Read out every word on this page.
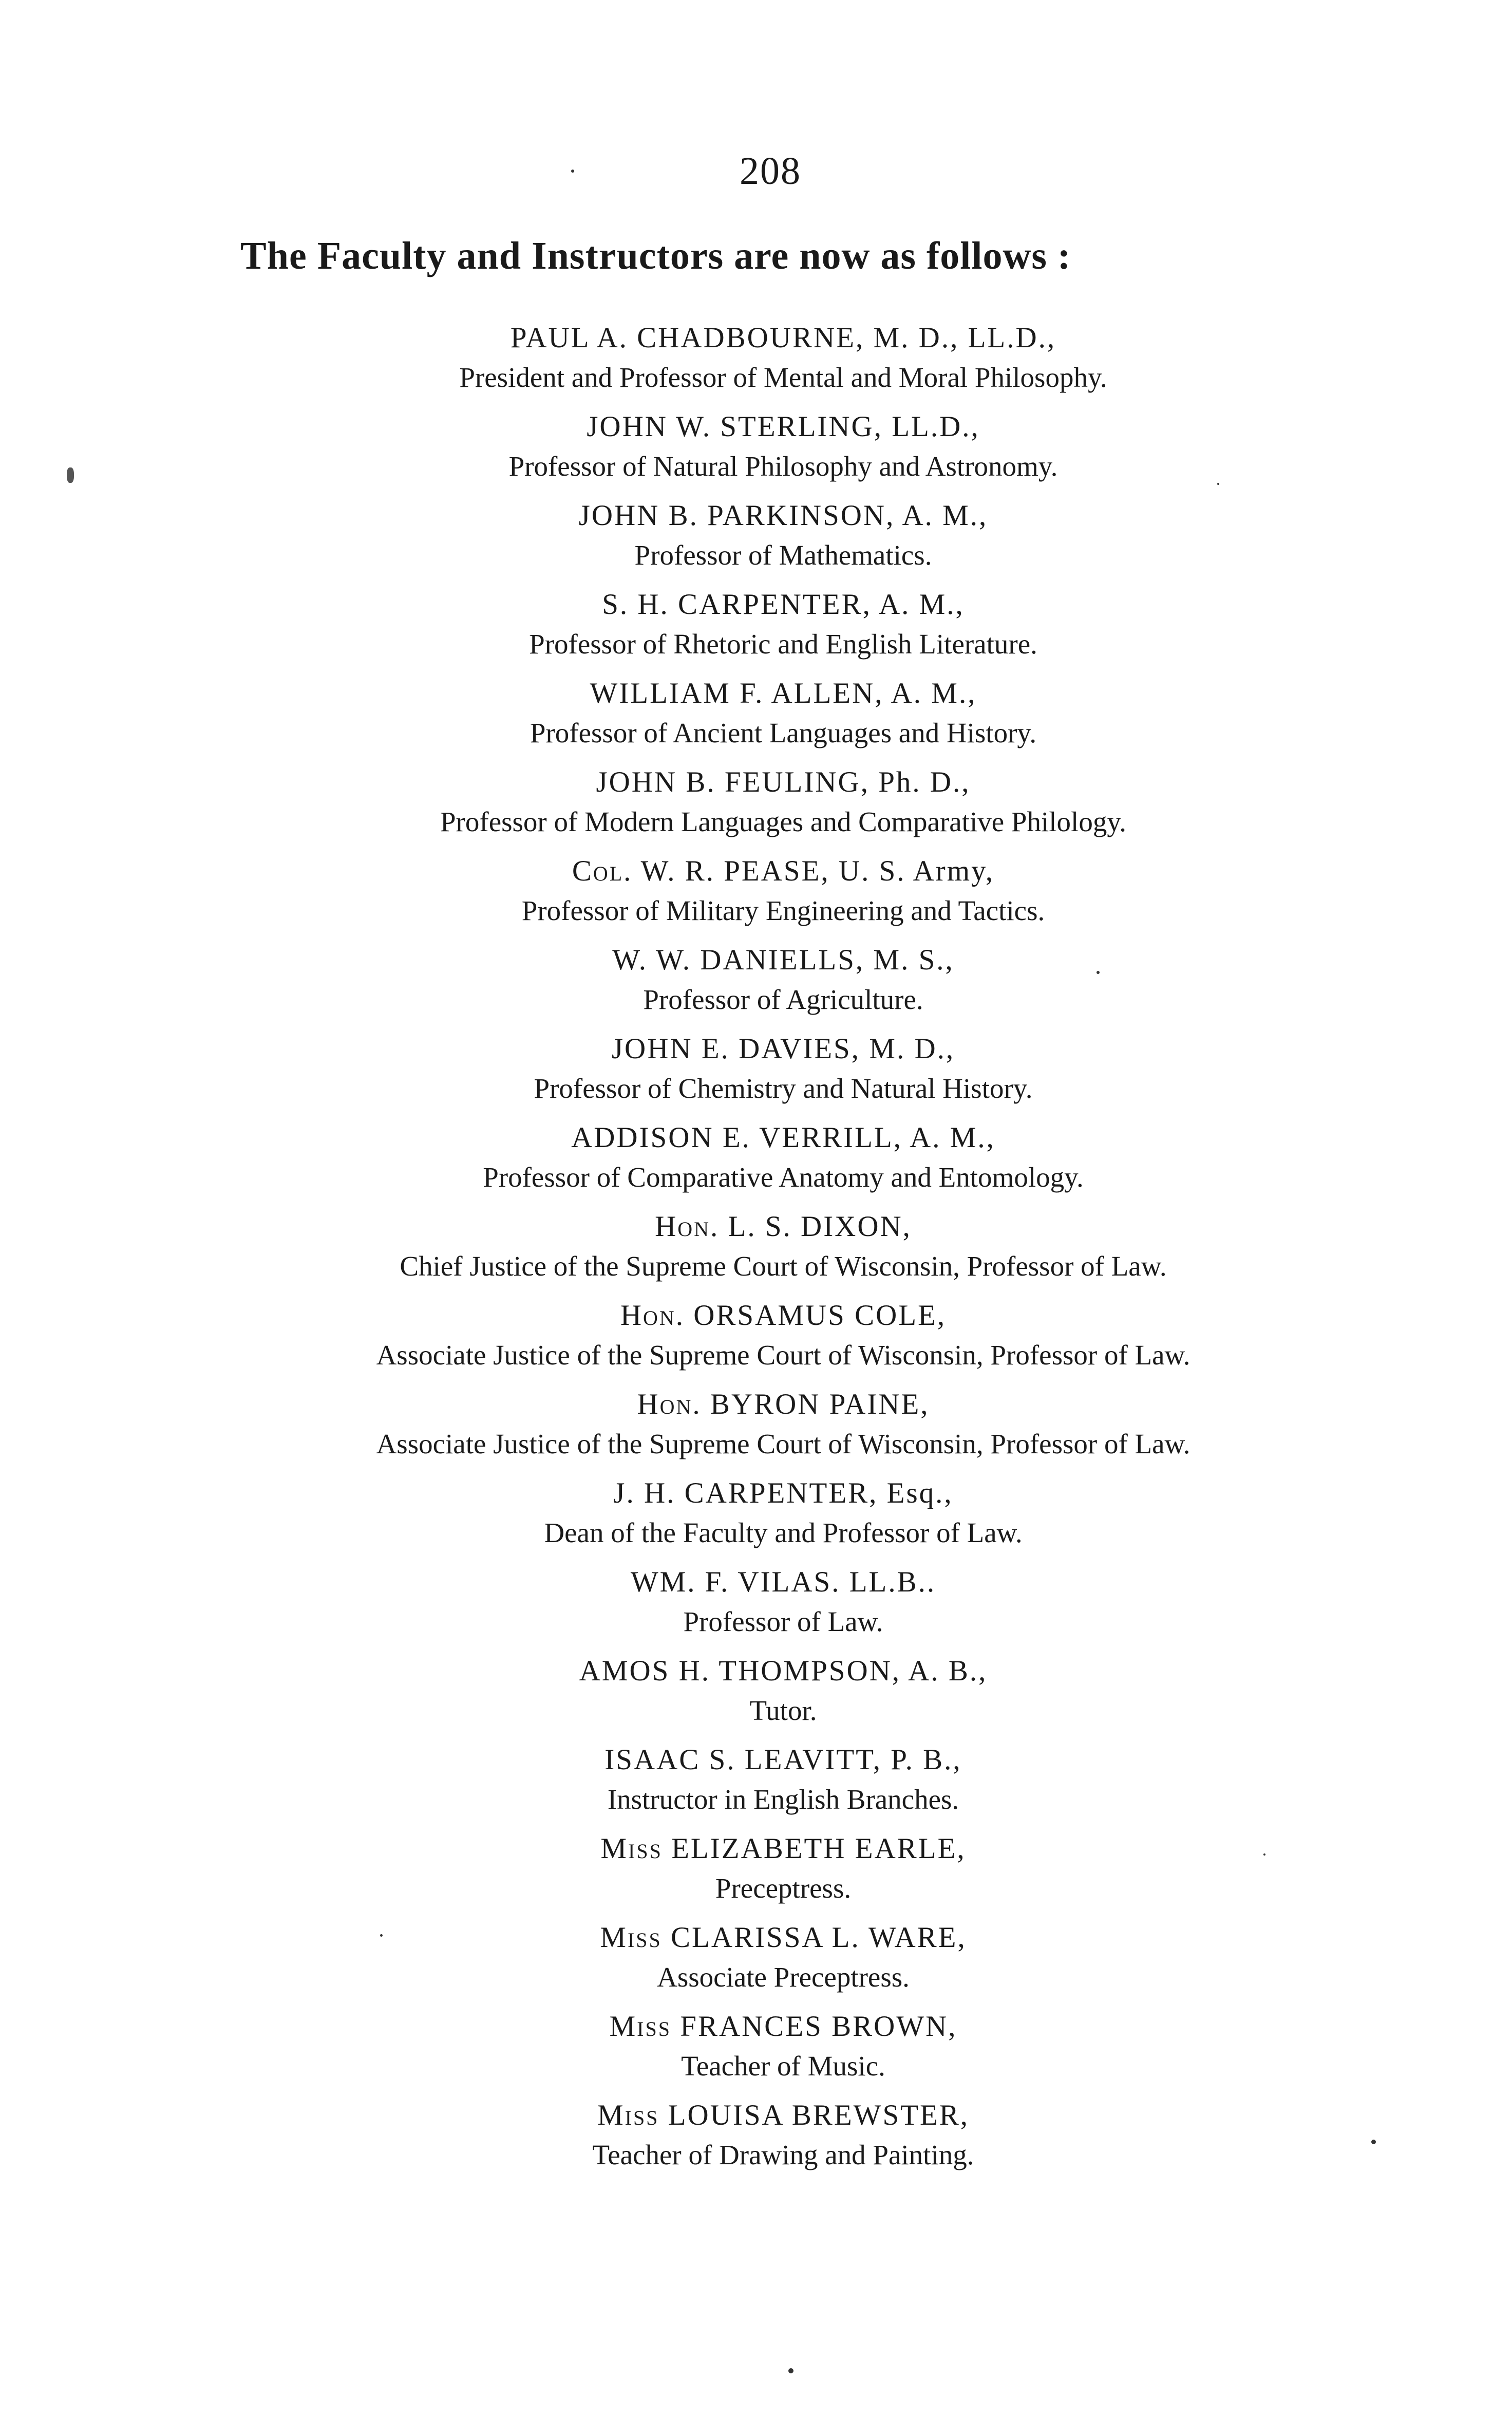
208
The Faculty and Instructors are now as follows :
PAUL A. CHADBOURNE, M. D., LL.D.,
President and Professor of Mental and Moral Philosophy.
JOHN W. STERLING, LL.D.,
Professor of Natural Philosophy and Astronomy.
JOHN B. PARKINSON, A. M.,
Professor of Mathematics.
S. H. CARPENTER, A. M.,
Professor of Rhetoric and English Literature.
WILLIAM F. ALLEN, A. M.,
Professor of Ancient Languages and History.
JOHN B. FEULING, Ph. D.,
Professor of Modern Languages and Comparative Philology.
Col. W. R. PEASE, U. S. Army,
Professor of Military Engineering and Tactics.
W. W. DANIELLS, M. S.,
Professor of Agriculture.
JOHN E. DAVIES, M. D.,
Professor of Chemistry and Natural History.
ADDISON E. VERRILL, A. M.,
Professor of Comparative Anatomy and Entomology.
Hon. L. S. DIXON,
Chief Justice of the Supreme Court of Wisconsin, Professor of Law.
Hon. ORSAMUS COLE,
Associate Justice of the Supreme Court of Wisconsin, Professor of Law.
Hon. BYRON PAINE,
Associate Justice of the Supreme Court of Wisconsin, Professor of Law.
J. H. CARPENTER, Esq.,
Dean of the Faculty and Professor of Law.
WM. F. VILAS. LL.B..
Professor of Law.
AMOS H. THOMPSON, A. B.,
Tutor.
ISAAC S. LEAVITT, P. B.,
Instructor in English Branches.
Miss ELIZABETH EARLE,
Preceptress.
Miss CLARISSA L. WARE,
Associate Preceptress.
Miss FRANCES BROWN,
Teacher of Music.
Miss LOUISA BREWSTER,
Teacher of Drawing and Painting.
